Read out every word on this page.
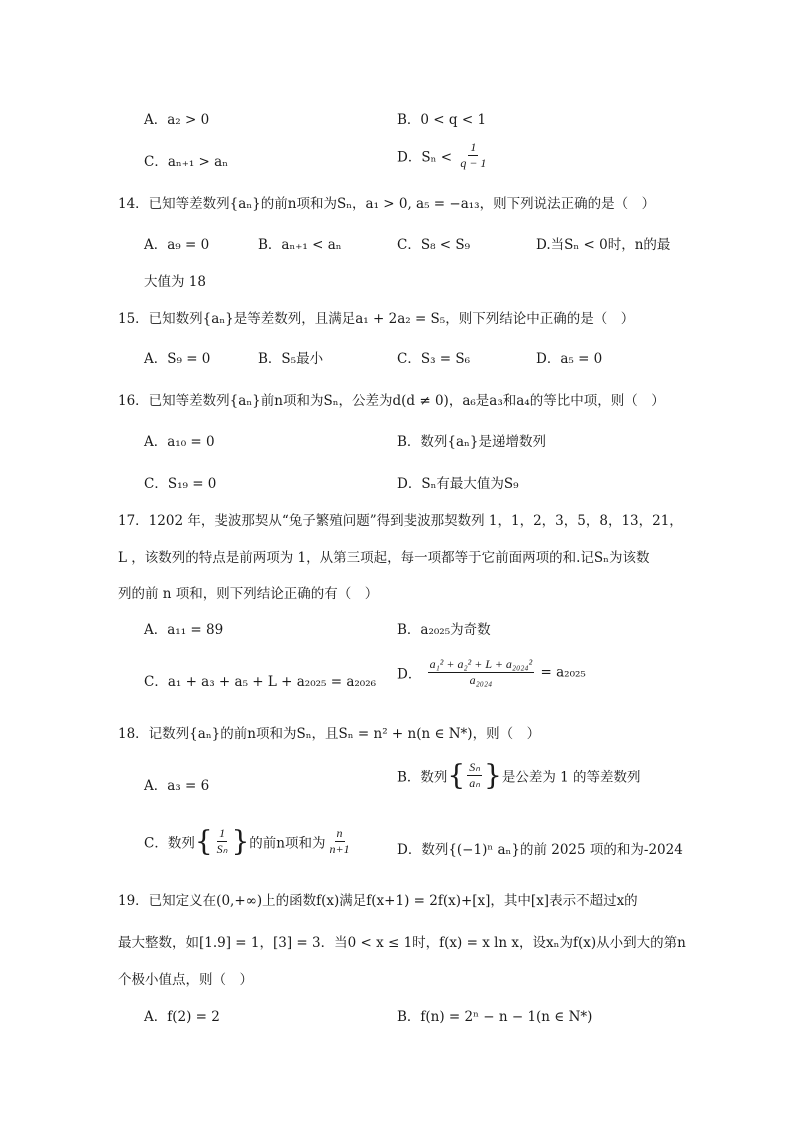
A．a₂ > 0	B．0 < q < 1
C．aₙ₊₁ > aₙ	D．$S_n < \frac{1}{q - 1}$
14．已知等差数列{aₙ}的前n项和为Sₙ，a₁ > 0, a₅ = −a₁₃，则下列说法正确的是（　）
A．a₉ = 0	B．aₙ₊₁ < aₙ	C．S₈ < S₉	D.当Sₙ < 0时，n的最
大值为 18
15．已知数列{aₙ}是等差数列，且满足a₁ + 2a₂ = S₅，则下列结论中正确的是（　）
A．S₉ = 0	B．S₅最小	C．S₃ = S₆	D．a₅ = 0
16．已知等差数列{aₙ}前n项和为Sₙ，公差为d(d ≠ 0)，a₆是a₃和a₄的等比中项，则（　）
A．a₁₀ = 0	B．数列{aₙ}是递增数列
C．S₁₉ = 0	D．Sₙ有最大值为S₉
17．1202 年，斐波那契从“兔子繁殖问题”得到斐波那契数列 1，1，2，3，5，8，13，21，
L ，该数列的特点是前两项为 1，从第三项起，每一项都等于它前面两项的和.记Sₙ为该数
列的前 n 项和，则下列结论正确的有（　）
A．a₁₁ = 89	B．a₂₀₂₅为奇数
C．a₁ + a₃ + a₅ + L + a₂₀₂₅ = a₂₀₂₆ D． $\frac{\text{a₁² + a₂² + L + a₂₀₂₄²}}{\text{a₂₀₂₄}} = a_{2025}$
18．记数列{aₙ}的前n项和为Sₙ，且Sₙ = n² + n(n ∈ N*)，则（　）
A．a₃ = 6
B．数列{ $\frac{\text{Sₙ}}{\text{aₙ}}$ }是公差为 1 的等差数列
C．数列{ $\frac{1}{\text{Sₙ}}$ }的前n项和为 $\frac{n}{n+1}$	D．数列{(−1)ⁿ aₙ}的前 2025 项的和为-2024
19．已知定义在(0,+∞)上的函数f(x)满足f(x+1) = 2f(x)+[x]，其中[x]表示不超过x的
最大整数，如[1.9] = 1，[3] = 3．当0 < x ≤ 1时，f(x) = x ln x，设xₙ为f(x)从小到大的第n
个极小值点，则（　）
A．f(2) = 2	B．f(n) = 2ⁿ − n − 1(n ∈ N*)
